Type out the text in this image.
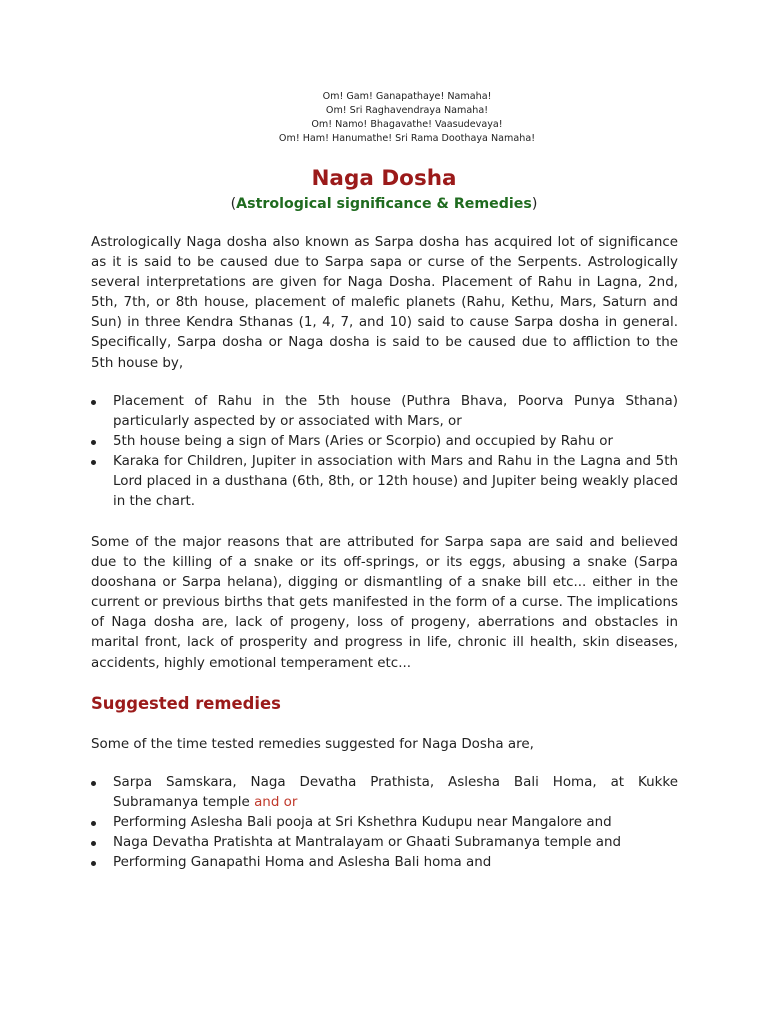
Om! Gam! Ganapathaye! Namaha!
Om! Sri Raghavendraya Namaha!
Om! Namo! Bhagavathe! Vaasudevaya!
Om! Ham! Hanumathe! Sri Rama Doothaya Namaha!
Naga Dosha
(Astrological significance & Remedies)
Astrologically Naga dosha also known as Sarpa dosha has acquired lot of significance as it is said to be caused due to Sarpa sapa or curse of the Serpents. Astrologically several interpretations are given for Naga Dosha. Placement of Rahu in Lagna, 2nd, 5th, 7th, or 8th house, placement of malefic planets (Rahu, Kethu, Mars, Saturn and Sun) in three Kendra Sthanas (1, 4, 7, and 10) said to cause Sarpa dosha in general. Specifically, Sarpa dosha or Naga dosha is said to be caused due to affliction to the 5th house by,
Placement of Rahu in the 5th house (Puthra Bhava, Poorva Punya Sthana) particularly aspected by or associated with Mars, or
5th house being a sign of Mars (Aries or Scorpio) and occupied by Rahu or
Karaka for Children, Jupiter in association with Mars and Rahu in the Lagna and 5th Lord placed in a dusthana (6th, 8th, or 12th house) and Jupiter being weakly placed in the chart.
Some of the major reasons that are attributed for Sarpa sapa are said and believed due to the killing of a snake or its off-springs, or its eggs, abusing a snake (Sarpa dooshana or Sarpa helana), digging or dismantling of a snake bill etc... either in the current or previous births that gets manifested in the form of a curse. The implications of Naga dosha are, lack of progeny, loss of progeny, aberrations and obstacles in marital front, lack of prosperity and progress in life, chronic ill health, skin diseases, accidents, highly emotional temperament etc...
Suggested remedies
Some of the time tested remedies suggested for Naga Dosha are,
Sarpa Samskara, Naga Devatha Prathista, Aslesha Bali Homa, at Kukke Subramanya temple and or
Performing Aslesha Bali pooja at Sri Kshethra Kudupu near Mangalore and
Naga Devatha Pratishta at Mantralayam or Ghaati Subramanya temple and
Performing Ganapathi Homa and Aslesha Bali homa and
